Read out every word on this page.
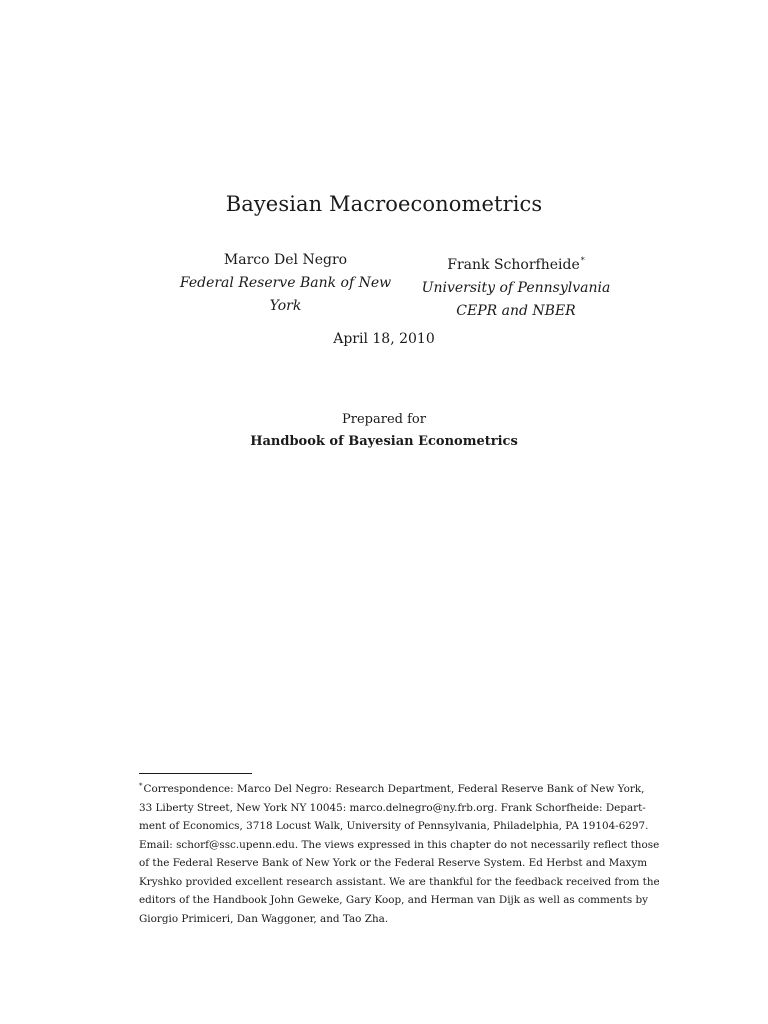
Bayesian Macroeconometrics
Marco Del Negro
Federal Reserve Bank of New York
Frank Schorfheide*
University of Pennsylvania
CEPR and NBER
April 18, 2010
Prepared for
Handbook of Bayesian Econometrics
*Correspondence: Marco Del Negro: Research Department, Federal Reserve Bank of New York,
33 Liberty Street, New York NY 10045: marco.delnegro@ny.frb.org. Frank Schorfheide: Depart-
ment of Economics, 3718 Locust Walk, University of Pennsylvania, Philadelphia, PA 19104-6297.
Email: schorf@ssc.upenn.edu. The views expressed in this chapter do not necessarily reflect those
of the Federal Reserve Bank of New York or the Federal Reserve System. Ed Herbst and Maxym
Kryshko provided excellent research assistant. We are thankful for the feedback received from the
editors of the Handbook John Geweke, Gary Koop, and Herman van Dijk as well as comments by
Giorgio Primiceri, Dan Waggoner, and Tao Zha.
